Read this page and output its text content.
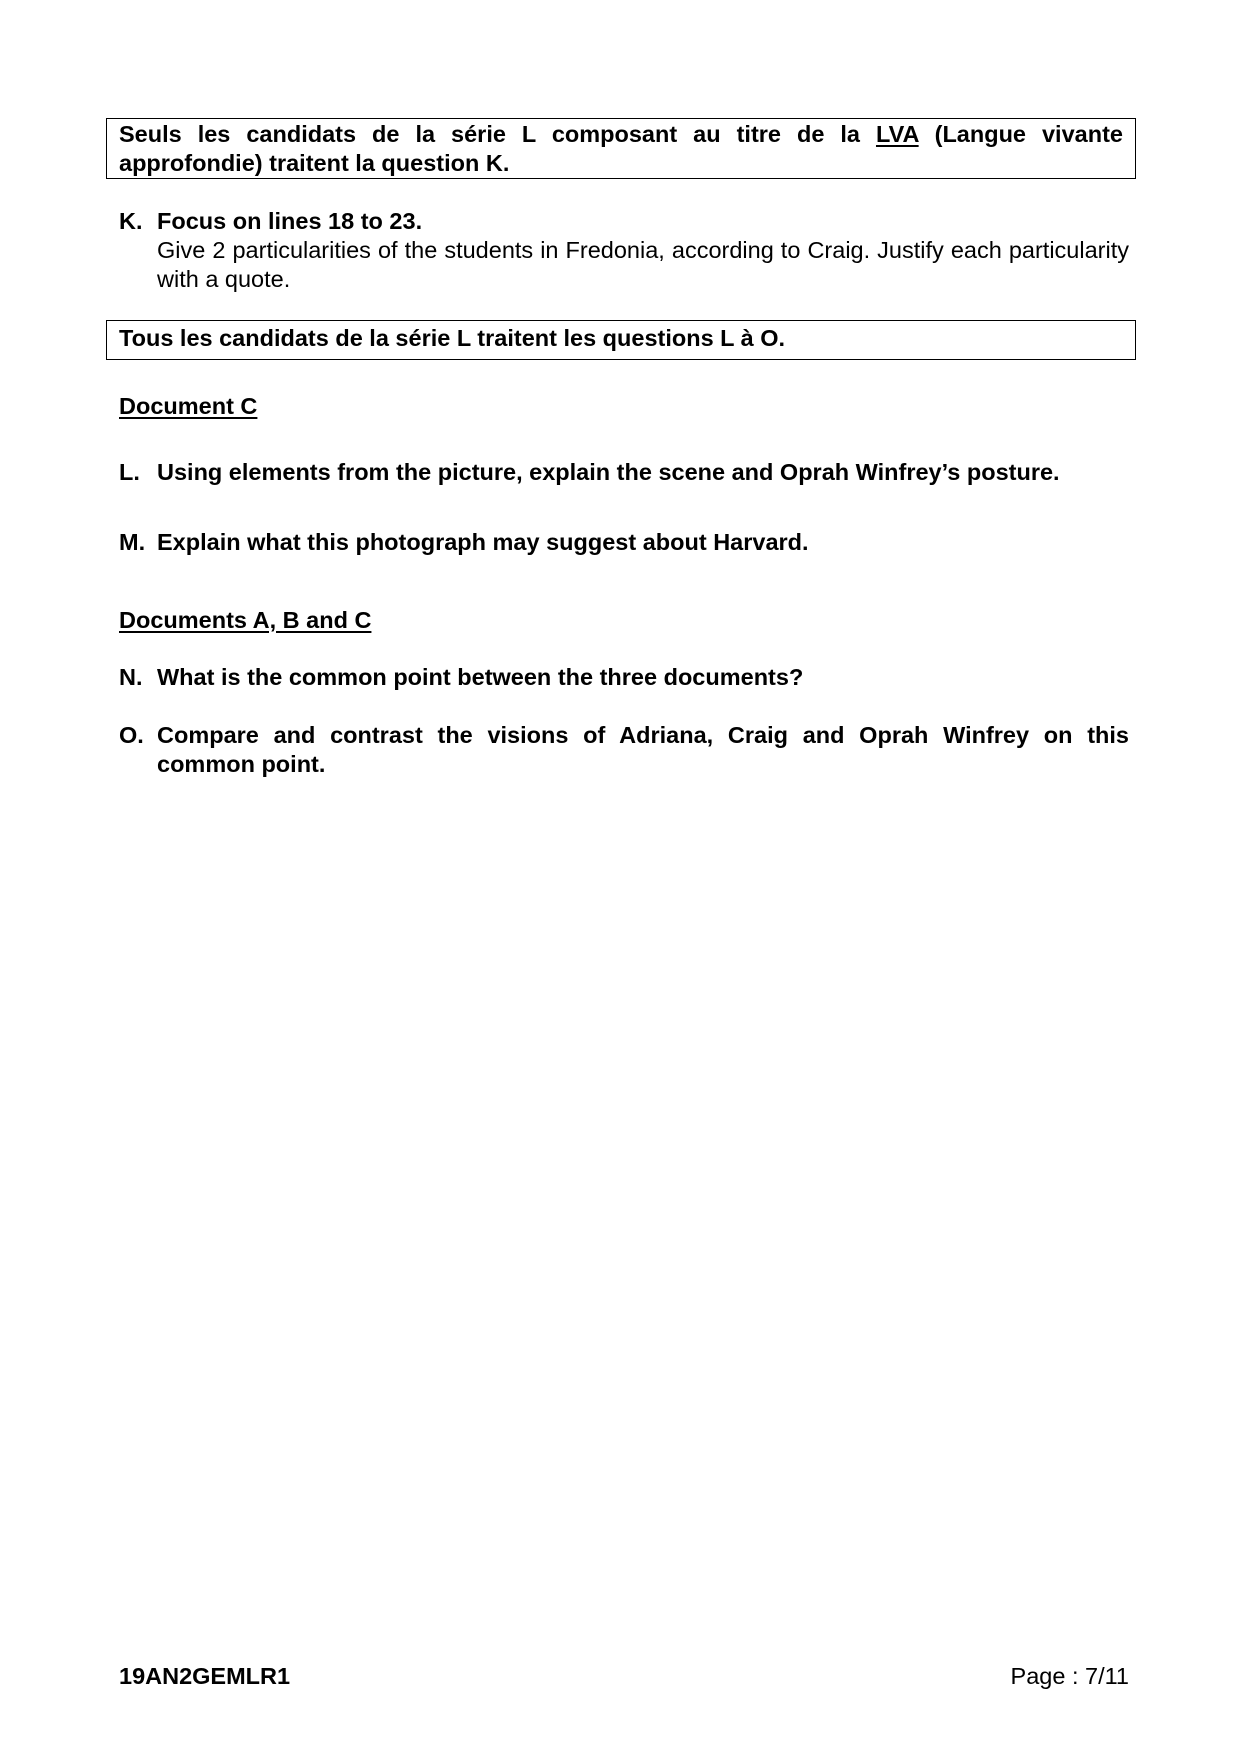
Seuls les candidats de la série L composant au titre de la LVA (Langue vivante approfondie) traitent la question K.
K. Focus on lines 18 to 23.
Give 2 particularities of the students in Fredonia, according to Craig. Justify each particularity with a quote.
Tous les candidats de la série L traitent les questions L à O.
Document C
L. Using elements from the picture, explain the scene and Oprah Winfrey’s posture.
M. Explain what this photograph may suggest about Harvard.
Documents A, B and C
N. What is the common point between the three documents?
O. Compare and contrast the visions of Adriana, Craig and Oprah Winfrey on this common point.
19AN2GEMLR1	Page : 7/11
